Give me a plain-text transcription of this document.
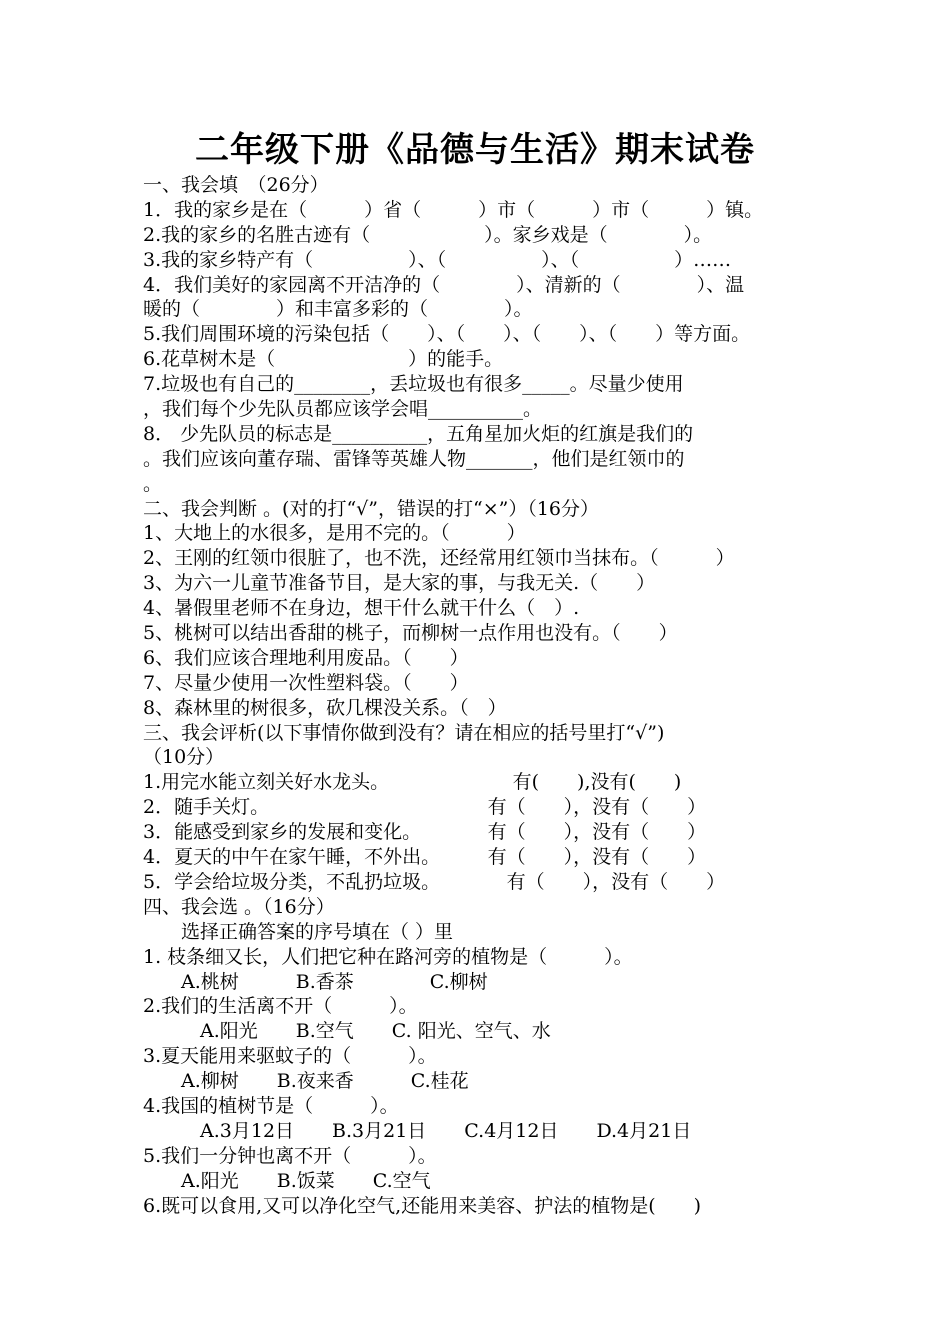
二年级下册《品德与生活》期末试卷
一、我会填　（26分）
1．我的家乡是在（　　　）省（　　　）市（　　　）市（　　　）镇。
2.我的家乡的名胜古迹有（　　　　　　）。家乡戏是（　　　　）。
3.我的家乡特产有（　　　　　）、（　　　　　）、（　　　　　）……
4．我们美好的家园离不开洁净的（　　　　）、清新的（　　　　）、温
暖的（　　　　）和丰富多彩的（　　　　）。
5.我们周围环境的污染包括（　　）、（　　）、（　　）、（　　）等方面。
6.花草树木是（　　　　　　　）的能手。
7.垃圾也有自己的________，丢垃圾也有很多_____。尽量少使用
，我们每个少先队员都应该学会唱__________。
8． 少先队员的标志是__________，五角星加火炬的红旗是我们的
。我们应该向董存瑞、雷锋等英雄人物_______，他们是红领巾的
。
二、我会判断 。(对的打“√”，错误的打“×”）（16分）
1、大地上的水很多，是用不完的。（　　　）
2、王刚的红领巾很脏了，也不洗，还经常用红领巾当抹布。（　　　）
3、为六一儿童节准备节目，是大家的事，与我无关.（　　）
4、暑假里老师不在身边，想干什么就干什么（　）.
5、桃树可以结出香甜的桃子，而柳树一点作用也没有。（　　）
6、我们应该合理地利用废品。（　　）
7、尽量少使用一次性塑料袋。（　　）
8、森林里的树很多，砍几棵没关系。（　）
三、我会评析(以下事情你做到没有？请在相应的括号里打“√”)
（10分）
1.用完水能立刻关好水龙头。　　　　　　　有(　　),没有(　　)
2．随手关灯。　　　　　　　　　　　　有（　　），没有（　　）
3．能感受到家乡的发展和变化。　　　　有（　　），没有（　　）
4．夏天的中午在家午睡，不外出。　　　有（　　），没有（　　）
5．学会给垃圾分类，不乱扔垃圾。　　　　有（　　），没有（　　）
四、我会选 。（16分）
　　选择正确答案的序号填在（ ）里
1. 枝条细又长，人们把它种在路河旁的植物是（　　　）。
　　A.桃树　　　B.香茶　　　　C.柳树
2.我们的生活离不开（　　　）。
　　　A.阳光　　B.空气　　C. 阳光、空气、水
3.夏天能用来驱蚊子的（　　　）。
　　A.柳树　　B.夜来香　　　C.桂花
4.我国的植树节是（　　　）。
　　　A.3月12日　　B.3月21日　　C.4月12日　　D.4月21日
5.我们一分钟也离不开（　　　）。
　　A.阳光　　B.饭菜　　C.空气
6.既可以食用,又可以净化空气,还能用来美容、护法的植物是(　　)
